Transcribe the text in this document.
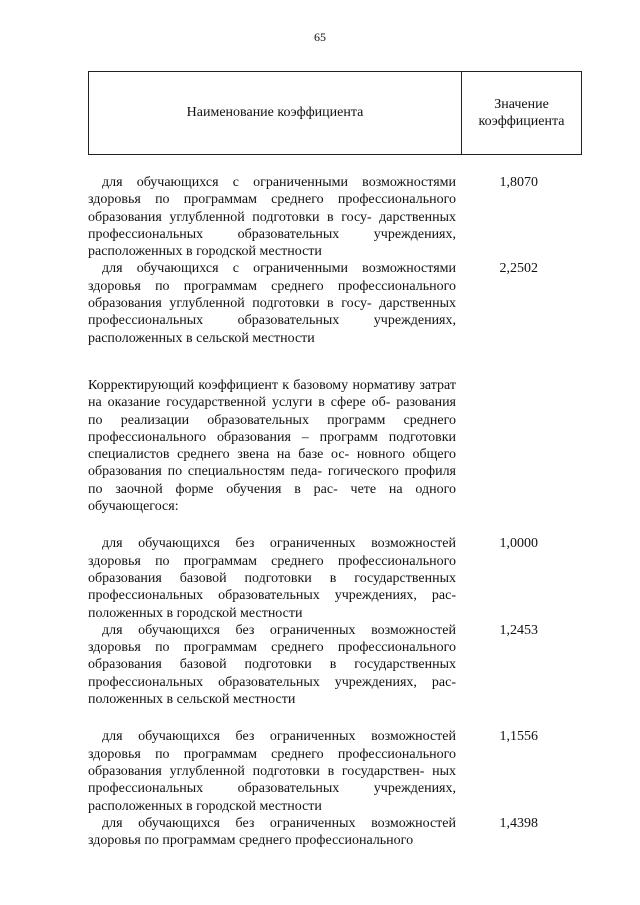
65
Наименование коэффициента
Значение
коэффициента
для обучающихся с ограниченными возможностями здоровья по программам среднего профессионального образования углубленной подготовки в госу- дарственных профессиональных образовательных учреждениях, расположенных в городской местности
1,8070
для обучающихся с ограниченными возможностями здоровья по программам среднего профессионального образования углубленной подготовки в госу- дарственных профессиональных образовательных учреждениях, расположенных в сельской местности
2,2502
Корректирующий коэффициент к базовому нормативу затрат на оказание государственной услуги в сфере об- разования по реализации образовательных программ среднего профессионального образования – программ подготовки специалистов среднего звена на базе ос- новного общего образования по специальностям педа- гогического профиля по заочной форме обучения в рас- чете на одного обучающегося:
для обучающихся без ограниченных возможностей здоровья по программам среднего профессионального образования базовой подготовки в государственных профессиональных образовательных учреждениях, рас- положенных в городской местности
1,0000
для обучающихся без ограниченных возможностей здоровья по программам среднего профессионального образования базовой подготовки в государственных профессиональных образовательных учреждениях, рас- положенных в сельской местности
1,2453
для обучающихся без ограниченных возможностей здоровья по программам среднего профессионального образования углубленной подготовки в государствен- ных профессиональных образовательных учреждениях, расположенных в городской местности
1,1556
для обучающихся без ограниченных возможностей здоровья по программам среднего профессионального
1,4398
